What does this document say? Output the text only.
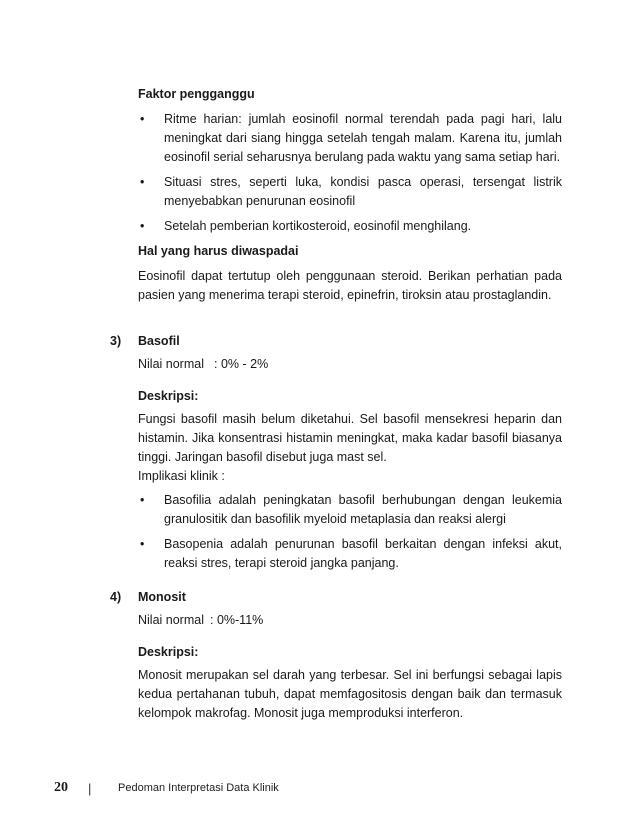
Faktor pengganggu

• Ritme harian: jumlah eosinofil normal terendah pada pagi hari, lalu meningkat dari siang hingga setelah tengah malam. Karena itu, jumlah eosinofil serial seharusnya berulang pada waktu yang sama setiap hari.
• Situasi stres, seperti luka, kondisi pasca operasi, tersengat listrik menyebabkan penurunan eosinofil
• Setelah pemberian kortikosteroid, eosinofil menghilang.

Hal yang harus diwaspadai

Eosinofil dapat tertutup oleh penggunaan steroid. Berikan perhatian pada pasien yang menerima terapi steroid, epinefrin, tiroksin atau prostaglandin.

3) Basofil

Nilai normal : 0% - 2%

Deskripsi:

Fungsi basofil masih belum diketahui. Sel basofil mensekresi heparin dan histamin. Jika konsentrasi histamin meningkat, maka kadar basofil biasanya tinggi. Jaringan basofil disebut juga mast sel.

Implikasi klinik :

• Basofilia adalah peningkatan basofil berhubungan dengan leukemia granulositik dan basofilik myeloid metaplasia dan reaksi alergi
• Basopenia adalah penurunan basofil berkaitan dengan infeksi akut, reaksi stres, terapi steroid jangka panjang.
4) Monosit

Nilai normal : 0%-11%

Deskripsi:

Monosit merupakan sel darah yang terbesar. Sel ini berfungsi sebagai lapis kedua pertahanan tubuh, dapat memfagositosis dengan baik dan termasuk kelompok makrofag. Monosit juga memproduksi interferon.

20	|	Pedoman Interpretasi Data Klinik
